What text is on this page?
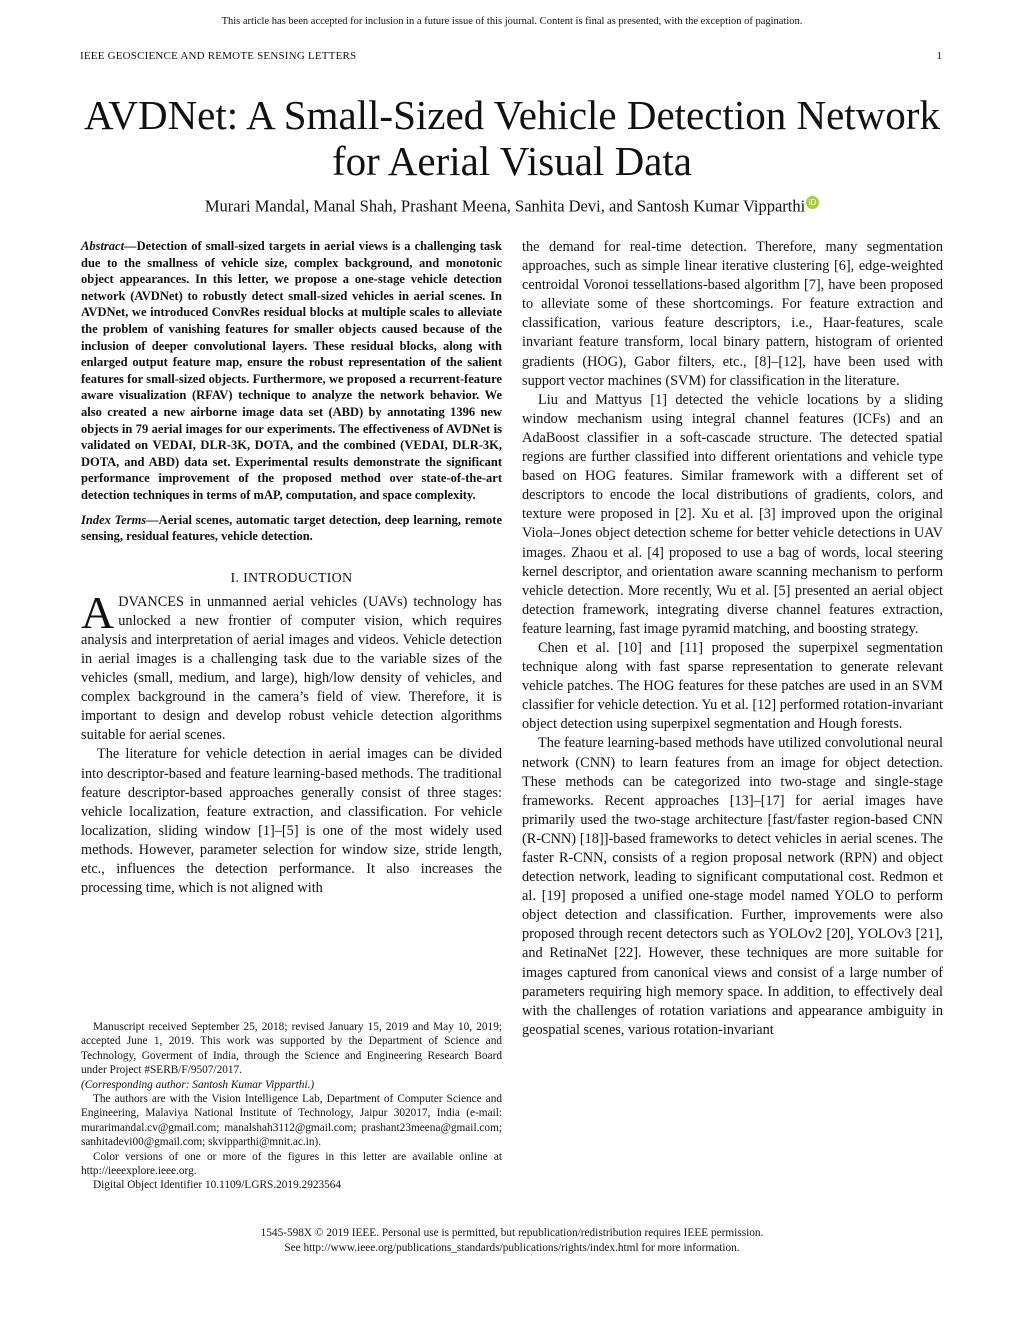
This article has been accepted for inclusion in a future issue of this journal. Content is final as presented, with the exception of pagination.
IEEE GEOSCIENCE AND REMOTE SENSING LETTERS	1
AVDNet: A Small-Sized Vehicle Detection Network
for Aerial Visual Data
Murari Mandal, Manal Shah, Prashant Meena, Sanhita Devi, and Santosh Kumar Vipparthi iD

Abstract—Detection of small-sized targets in aerial views is a challenging task due to the smallness of vehicle size, complex background, and monotonic object appearances. In this letter, we propose a one-stage vehicle detection network (AVDNet) to robustly detect small-sized vehicles in aerial scenes. In AVDNet, we introduced ConvRes residual blocks at multiple scales to alleviate the problem of vanishing features for smaller objects caused because of the inclusion of deeper convolutional layers. These residual blocks, along with enlarged output feature map, ensure the robust representation of the salient features for small-sized objects. Furthermore, we proposed a recurrent-feature aware visualization (RFAV) technique to analyze the network behavior. We also created a new airborne image data set (ABD) by annotating 1396 new objects in 79 aerial images for our experiments. The effectiveness of AVDNet is validated on VEDAI, DLR-3K, DOTA, and the combined (VEDAI, DLR-3K, DOTA, and ABD) data set. Experimental results demonstrate the significant performance improvement of the proposed method over state-of-the-art detection techniques in terms of mAP, computation, and space complexity.

Index Terms—Aerial scenes, automatic target detection, deep learning, remote sensing, residual features, vehicle detection.

I. INTRODUCTION

ADVANCES in unmanned aerial vehicles (UAVs) technology has unlocked a new frontier of computer vision, which requires analysis and interpretation of aerial images and videos. Vehicle detection in aerial images is a challenging task due to the variable sizes of the vehicles (small, medium, and large), high/low density of vehicles, and complex background in the camera’s field of view. Therefore, it is important to design and develop robust vehicle detection algorithms suitable for aerial scenes.

The literature for vehicle detection in aerial images can be divided into descriptor-based and feature learning-based methods. The traditional feature descriptor-based approaches generally consist of three stages: vehicle localization, feature extraction, and classification. For vehicle localization, sliding window [1]–[5] is one of the most widely used methods. However, parameter selection for window size, stride length, etc., influences the detection performance. It also increases the processing time, which is not aligned with

Manuscript received September 25, 2018; revised January 15, 2019 and May 10, 2019; accepted June 1, 2019. This work was supported by the Department of Science and Technology, Goverment of India, through the Science and Engineering Research Board under Project #SERB/F/9507/2017.
(Corresponding author: Santosh Kumar Vipparthi.)

The authors are with the Vision Intelligence Lab, Department of Computer Science and Engineering, Malaviya National Institute of Technology, Jaipur 302017, India (e-mail: murarimandal.cv@gmail.com; manalshah3112@gmail.com; prashant23meena@gmail.com; sanhitadevi00@gmail.com; skvipparthi@mnit.ac.in).

Color versions of one or more of the figures in this letter are available online at http://ieeexplore.ieee.org.

Digital Object Identifier 10.1109/LGRS.2019.2923564

the demand for real-time detection. Therefore, many segmentation approaches, such as simple linear iterative clustering [6], edge-weighted centroidal Voronoi tessellations-based algorithm [7], have been proposed to alleviate some of these shortcomings. For feature extraction and classification, various feature descriptors, i.e., Haar-features, scale invariant feature transform, local binary pattern, histogram of oriented gradients (HOG), Gabor filters, etc., [8]–[12], have been used with support vector machines (SVM) for classification in the literature.

Liu and Mattyus [1] detected the vehicle locations by a sliding window mechanism using integral channel features (ICFs) and an AdaBoost classifier in a soft-cascade structure. The detected spatial regions are further classified into different orientations and vehicle type based on HOG features. Similar framework with a different set of descriptors to encode the local distributions of gradients, colors, and texture were proposed in [2]. Xu et al. [3] improved upon the original Viola–Jones object detection scheme for better vehicle detections in UAV images. Zhaou et al. [4] proposed to use a bag of words, local steering kernel descriptor, and orientation aware scanning mechanism to perform vehicle detection. More recently, Wu et al. [5] presented an aerial object detection framework, integrating diverse channel features extraction, feature learning, fast image pyramid matching, and boosting strategy.

Chen et al. [10] and [11] proposed the superpixel segmentation technique along with fast sparse representation to generate relevant vehicle patches. The HOG features for these patches are used in an SVM classifier for vehicle detection. Yu et al. [12] performed rotation-invariant object detection using superpixel segmentation and Hough forests.

The feature learning-based methods have utilized convolutional neural network (CNN) to learn features from an image for object detection. These methods can be categorized into two-stage and single-stage frameworks. Recent approaches [13]–[17] for aerial images have primarily used the two-stage architecture [fast/faster region-based CNN (R-CNN) [18]]-based frameworks to detect vehicles in aerial scenes. The faster R-CNN, consists of a region proposal network (RPN) and object detection network, leading to significant computational cost. Redmon et al. [19] proposed a unified one-stage model named YOLO to perform object detection and classification. Further, improvements were also proposed through recent detectors such as YOLOv2 [20], YOLOv3 [21], and RetinaNet [22]. However, these techniques are more suitable for images captured from canonical views and consist of a large number of parameters requiring high memory space. In addition, to effectively deal with the challenges of rotation variations and appearance ambiguity in geospatial scenes, various rotation-invariant

1545-598X © 2019 IEEE. Personal use is permitted, but republication/redistribution requires IEEE permission.
See http://www.ieee.org/publications_standards/publications/rights/index.html for more information.
